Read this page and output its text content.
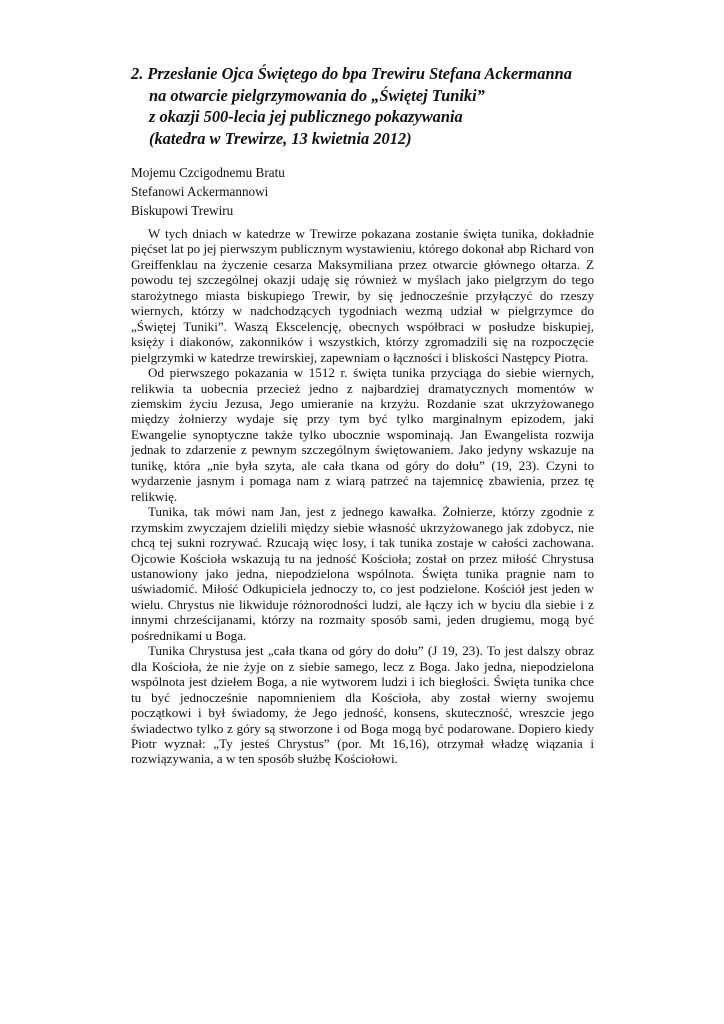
2. Przesłanie Ojca Świętego do bpa Trewiru Stefana Ackermanna
na otwarcie pielgrzymowania do „Świętej Tuniki”
z okazji 500-lecia jej publicznego pokazywania
(katedra w Trewirze, 13 kwietnia 2012)
Mojemu Czcigodnemu Bratu
Stefanowi Ackermannowi
Biskupowi Trewiru

W tych dniach w katedrze w Trewirze pokazana zostanie święta tunika, dokładnie pięćset lat po jej pierwszym publicznym wystawieniu, którego dokonał abp Richard von Greiffenklau na życzenie cesarza Maksymiliana przez otwarcie głównego ołtarza. Z powodu tej szczególnej okazji udaję się również w myślach jako pielgrzym do tego starożytnego miasta biskupiego Trewir, by się jednocześnie przyłączyć do rzeszy wiernych, którzy w nadchodzących tygodniach wezmą udział w pielgrzymce do „Świętej Tuniki”. Waszą Ekscelencję, obecnych współbraci w posłudze biskupiej, księży i diakonów, zakonników i wszystkich, którzy zgromadzili się na rozpoczęcie pielgrzymki w katedrze trewirskiej, zapewniam o łączności i bliskości Następcy Piotra.

Od pierwszego pokazania w 1512 r. święta tunika przyciąga do siebie wiernych, relikwia ta uobecnia przecież jedno z najbardziej dramatycznych momentów w ziemskim życiu Jezusa, Jego umieranie na krzyżu. Rozdanie szat ukrzyżowanego między żołnierzy wydaje się przy tym być tylko marginalnym epizodem, jaki Ewangelie synoptyczne także tylko ubocznie wspominają. Jan Ewangelista rozwija jednak to zdarzenie z pewnym szczególnym świętowaniem. Jako jedyny wskazuje na tunikę, która „nie była szyta, ale cała tkana od góry do dołu” (19, 23). Czyni to wydarzenie jasnym i pomaga nam z wiarą patrzeć na tajemnicę zbawienia, przez tę relikwię.

Tunika, tak mówi nam Jan, jest z jednego kawałka. Żołnierze, którzy zgodnie z rzymskim zwyczajem dzielili między siebie własność ukrzyżowanego jak zdobycz, nie chcą tej sukni rozrywać. Rzucają więc losy, i tak tunika zostaje w całości zachowana. Ojcowie Kościoła wskazują tu na jedność Kościoła; został on przez miłość Chrystusa ustanowiony jako jedna, niepodzielona wspólnota. Święta tunika pragnie nam to uświadomić. Miłość Odkupiciela jednoczy to, co jest podzielone. Kościół jest jeden w wielu. Chrystus nie likwiduje różnorodności ludzi, ale łączy ich w byciu dla siebie i z innymi chrześcijanami, którzy na rozmaity sposób sami, jeden drugiemu, mogą być pośrednikami u Boga.

Tunika Chrystusa jest „cała tkana od góry do dołu” (J 19, 23). To jest dalszy obraz dla Kościoła, że nie żyje on z siebie samego, lecz z Boga. Jako jedna, niepodzielona wspólnota jest dziełem Boga, a nie wytworem ludzi i ich biegłości. Święta tunika chce tu być jednocześnie napomnieniem dla Kościoła, aby został wierny swojemu początkowi i był świadomy, że Jego jedność, konsens, skuteczność, wreszcie jego świadectwo tylko z góry są stworzone i od Boga mogą być podarowane. Dopiero kiedy Piotr wyznał: „Ty jesteś Chrystus” (por. Mt 16,16), otrzymał władzę wiązania i rozwiązywania, a w ten sposób służbę Kościołowi.
